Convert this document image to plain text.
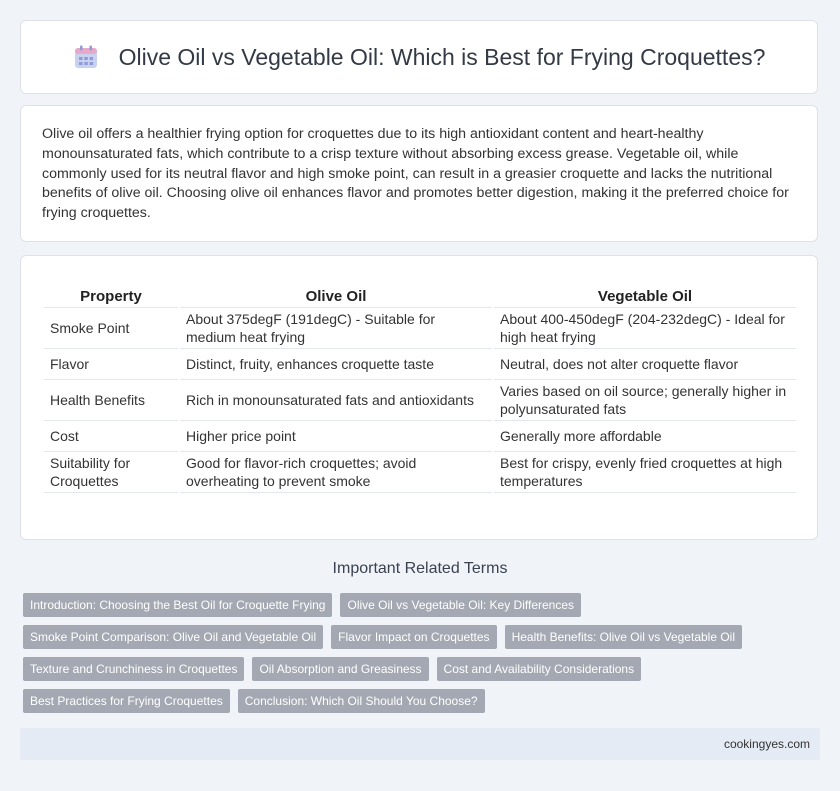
Olive Oil vs Vegetable Oil: Which is Best for Frying Croquettes?

Olive oil offers a healthier frying option for croquettes due to its high antioxidant content and heart-healthy monounsaturated fats, which contribute to a crisp texture without absorbing excess grease. Vegetable oil, while commonly used for its neutral flavor and high smoke point, can result in a greasier croquette and lacks the nutritional benefits of olive oil. Choosing olive oil enhances flavor and promotes better digestion, making it the preferred choice for frying croquettes.

Property	Olive Oil	Vegetable Oil
Smoke Point	About 375degF (191degC) - Suitable for medium heat frying	About 400-450degF (204-232degC) - Ideal for high heat frying
Flavor	Distinct, fruity, enhances croquette taste	Neutral, does not alter croquette flavor
Health Benefits	Rich in monounsaturated fats and antioxidants	Varies based on oil source; generally higher in polyunsaturated fats
Cost	Higher price point	Generally more affordable
Suitability for Croquettes	Good for flavor-rich croquettes; avoid overheating to prevent smoke	Best for crispy, evenly fried croquettes at high temperatures
Important Related Terms
Introduction: Choosing the Best Oil for Croquette Frying	Olive Oil vs Vegetable Oil: Key Differences
Smoke Point Comparison: Olive Oil and Vegetable Oil	Flavor Impact on Croquettes	Health Benefits: Olive Oil vs Vegetable Oil
Texture and Crunchiness in Croquettes	Oil Absorption and Greasiness	Cost and Availability Considerations
Best Practices for Frying Croquettes	Conclusion: Which Oil Should You Choose?
cookingyes.com
